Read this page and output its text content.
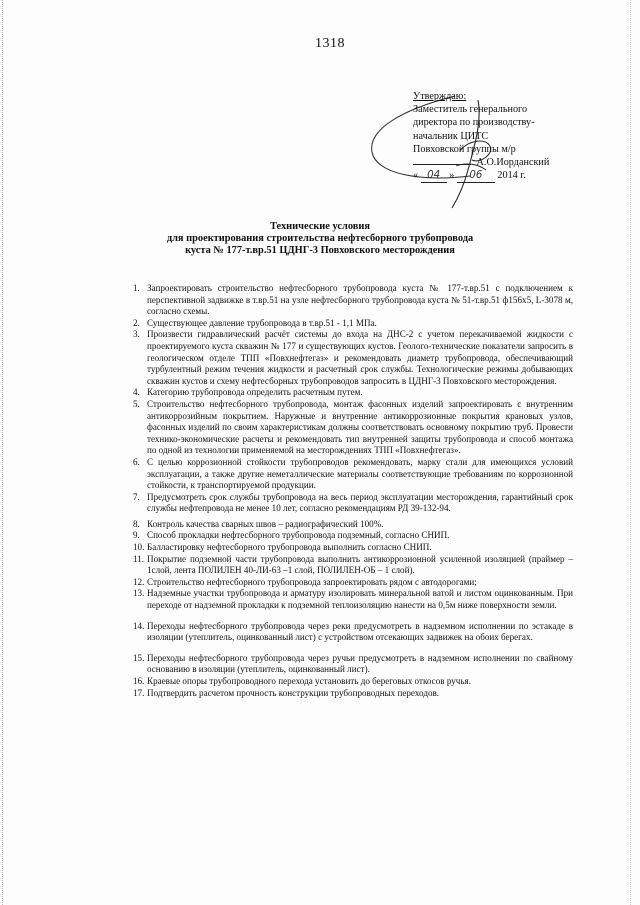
1318
Утверждаю:
Заместитель генерального
директора по производству-
начальник ЦИТС
Повховской группы м/р
А.О.Иорданский
« 04 » 06 2014 г.
Технические условия
для проектирования строительства нефтесборного трубопровода
куста № 177-т.вр.51 ЦДНГ-3 Повховского месторождения
1. Запроектировать строительство нефтесборного трубопровода куста № 177-т.вр.51 с подключением к перспективной задвижке в т.вр.51 на узле нефтесборного трубопровода куста № 51-т.вр.51 ф156х5, L-3078 м, согласно схемы.
2. Существующее давление трубопровода в т.вр.51 - 1,1 МПа.
3. Произвести гидравлический расчёт системы до входа на ДНС-2 с учетом перекачиваемой жидкости с проектируемого куста скважин № 177 и существующих кустов. Геолого-технические показатели запросить в геологическом отделе ТПП «Повхнефтегаз» и рекомендовать диаметр трубопровода, обеспечивающий турбулентный режим течения жидкости и расчетный срок службы. Технологические режимы добывающих скважин кустов и схему нефтесборных трубопроводов запросить в ЦДНГ-3 Повховского месторождения.
4. Категорию трубопровода определить расчетным путем.
5. Строительство нефтесборного трубопровода, монтаж фасонных изделий запроектировать с внутренним антикоррозийным покрытием. Наружные и внутренние антикоррозионные покрытия крановых узлов, фасонных изделий по своим характеристикам должны соответствовать основному покрытию труб. Провести технико-экономические расчеты и рекомендовать тип внутренней защиты трубопровода и способ монтажа по одной из технологии применяемой на месторождениях ТПП «Повхнефтегаз».
6. С целью коррозионной стойкости трубопроводов рекомендовать, марку стали для имеющихся условий эксплуатации, а также другие неметаллические материалы соответствующие требованиям по коррозионной стойкости, к транспортируемой продукции.
7. Предусмотреть срок службы трубопровода на весь период эксплуатации месторождения, гарантийный срок службы нефтепровода не менее 10 лет, согласно рекомендациям РД 39-132-94.
8. Контроль качества сварных швов – радиографический 100%.
9. Способ прокладки нефтесборного трубопровода подземный, согласно СНИП.
10. Балластировку нефтесборного трубопровода выполнить согласно СНИП.
11. Покрытие подземной части трубопровода выполнить антикоррозионной усиленной изоляцией (праймер –1слой, лента ПОЛИЛЕН 40-ЛИ-63 –1 слой, ПОЛИЛЕН-ОБ – 1 слой).
12. Строительство нефтесборного трубопровода запроектировать рядом с автодорогами;
13. Надземные участки трубопровода и арматуру изолировать минеральной ватой и листом оцинкованным. При переходе от надземной прокладки к подземной теплоизоляцию нанести на 0,5м ниже поверхности земли.
14. Переходы нефтесборного трубопровода через реки предусмотреть в надземном исполнении по эстакаде в изоляции (утеплитель, оцинкованный лист) с устройством отсекающих задвижек на обоих берегах.
15. Переходы нефтесборного трубопровода через ручьи предусмотреть в надземном исполнении по свайному основанию в изоляции (утеплитель, оцинкованный лист).
16. Краевые опоры трубопроводного перехода установить до береговых откосов ручья.
17. Подтвердить расчетом прочность конструкции трубопроводных переходов.
